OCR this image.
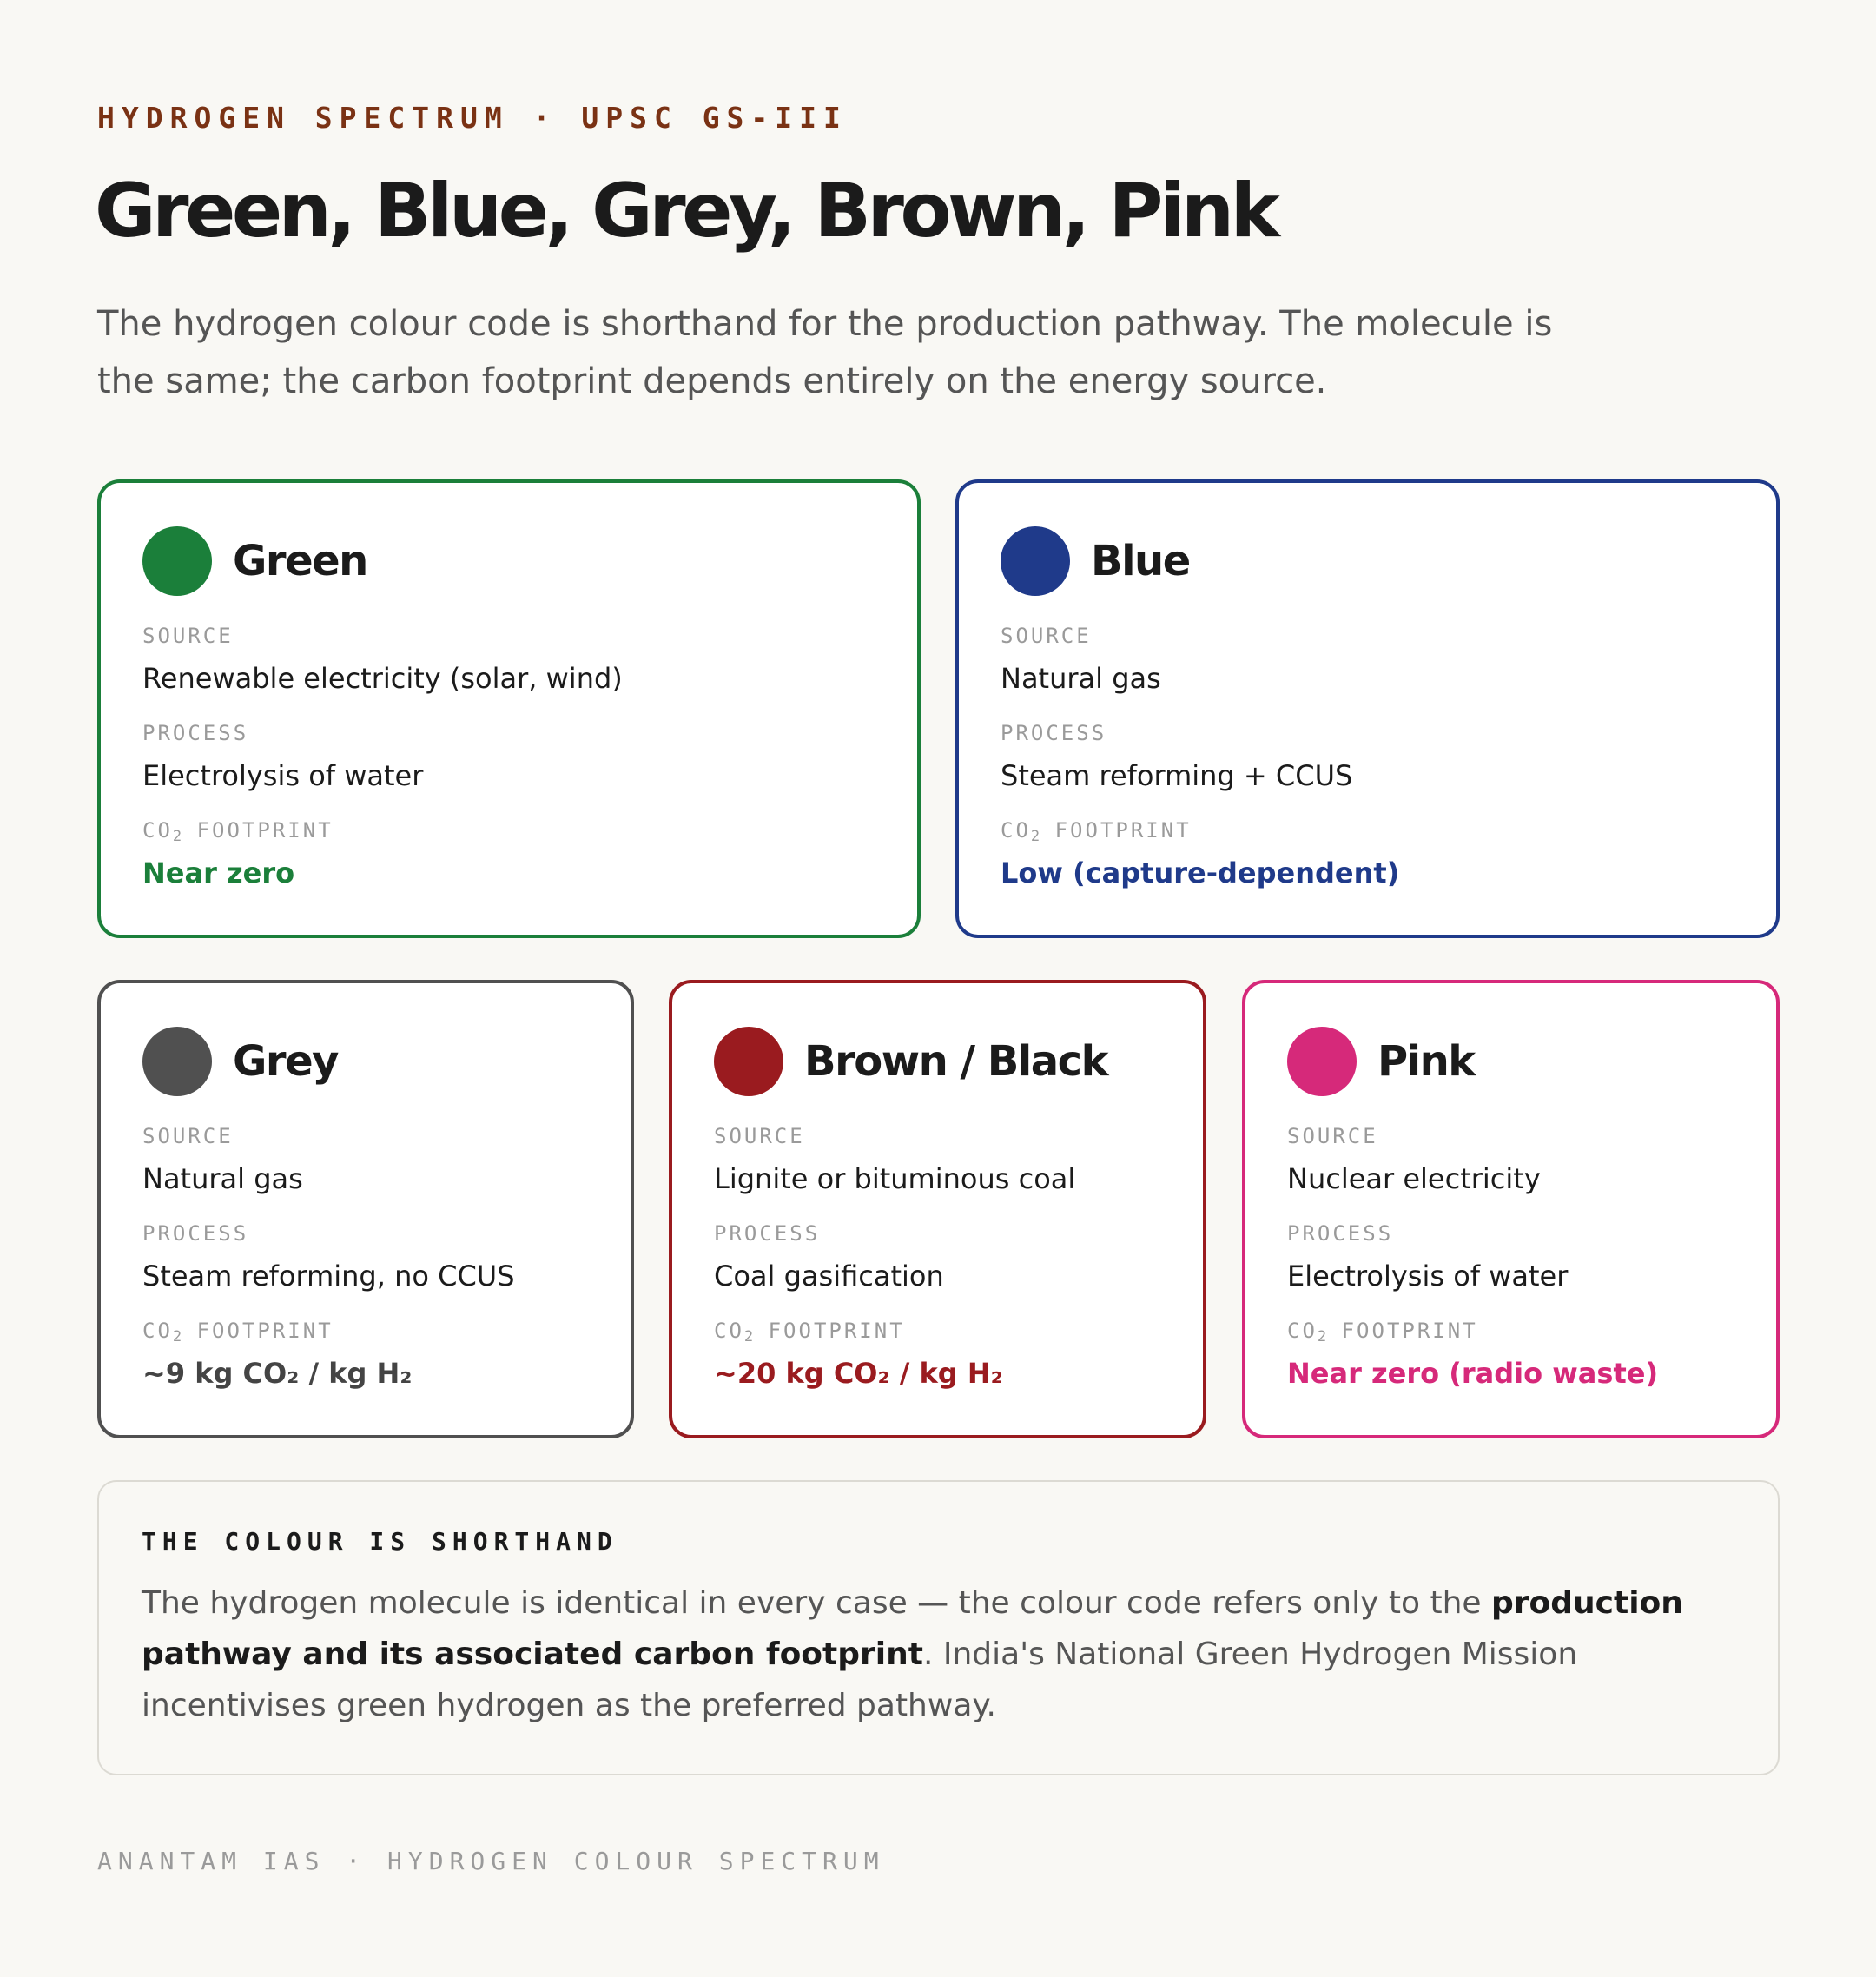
HYDROGEN SPECTRUM · UPSC GS-III
Green, Blue, Grey, Brown, Pink

The hydrogen colour code is shorthand for the production pathway. The molecule is the same; the carbon footprint depends entirely on the energy source.

Green
SOURCE
Renewable electricity (solar, wind)
PROCESS
Electrolysis of water
CO2 FOOTPRINT
Near zero
Blue
SOURCE
Natural gas
PROCESS
Steam reforming + CCUS
CO2 FOOTPRINT
Low (capture-dependent)
Grey
SOURCE
Natural gas
PROCESS
Steam reforming, no CCUS
CO2 FOOTPRINT
~9 kg CO₂ / kg H₂
Brown / Black
SOURCE
Lignite or bituminous coal
PROCESS
Coal gasification
CO2 FOOTPRINT
~20 kg CO₂ / kg H₂
Pink
SOURCE
Nuclear electricity
PROCESS
Electrolysis of water
CO2 FOOTPRINT
Near zero (radio waste)
THE COLOUR IS SHORTHAND

The hydrogen molecule is identical in every case — the colour code refers only to the production pathway and its associated carbon footprint. India's National Green Hydrogen Mission incentivises green hydrogen as the preferred pathway.

ANANTAM IAS · HYDROGEN COLOUR SPECTRUM
